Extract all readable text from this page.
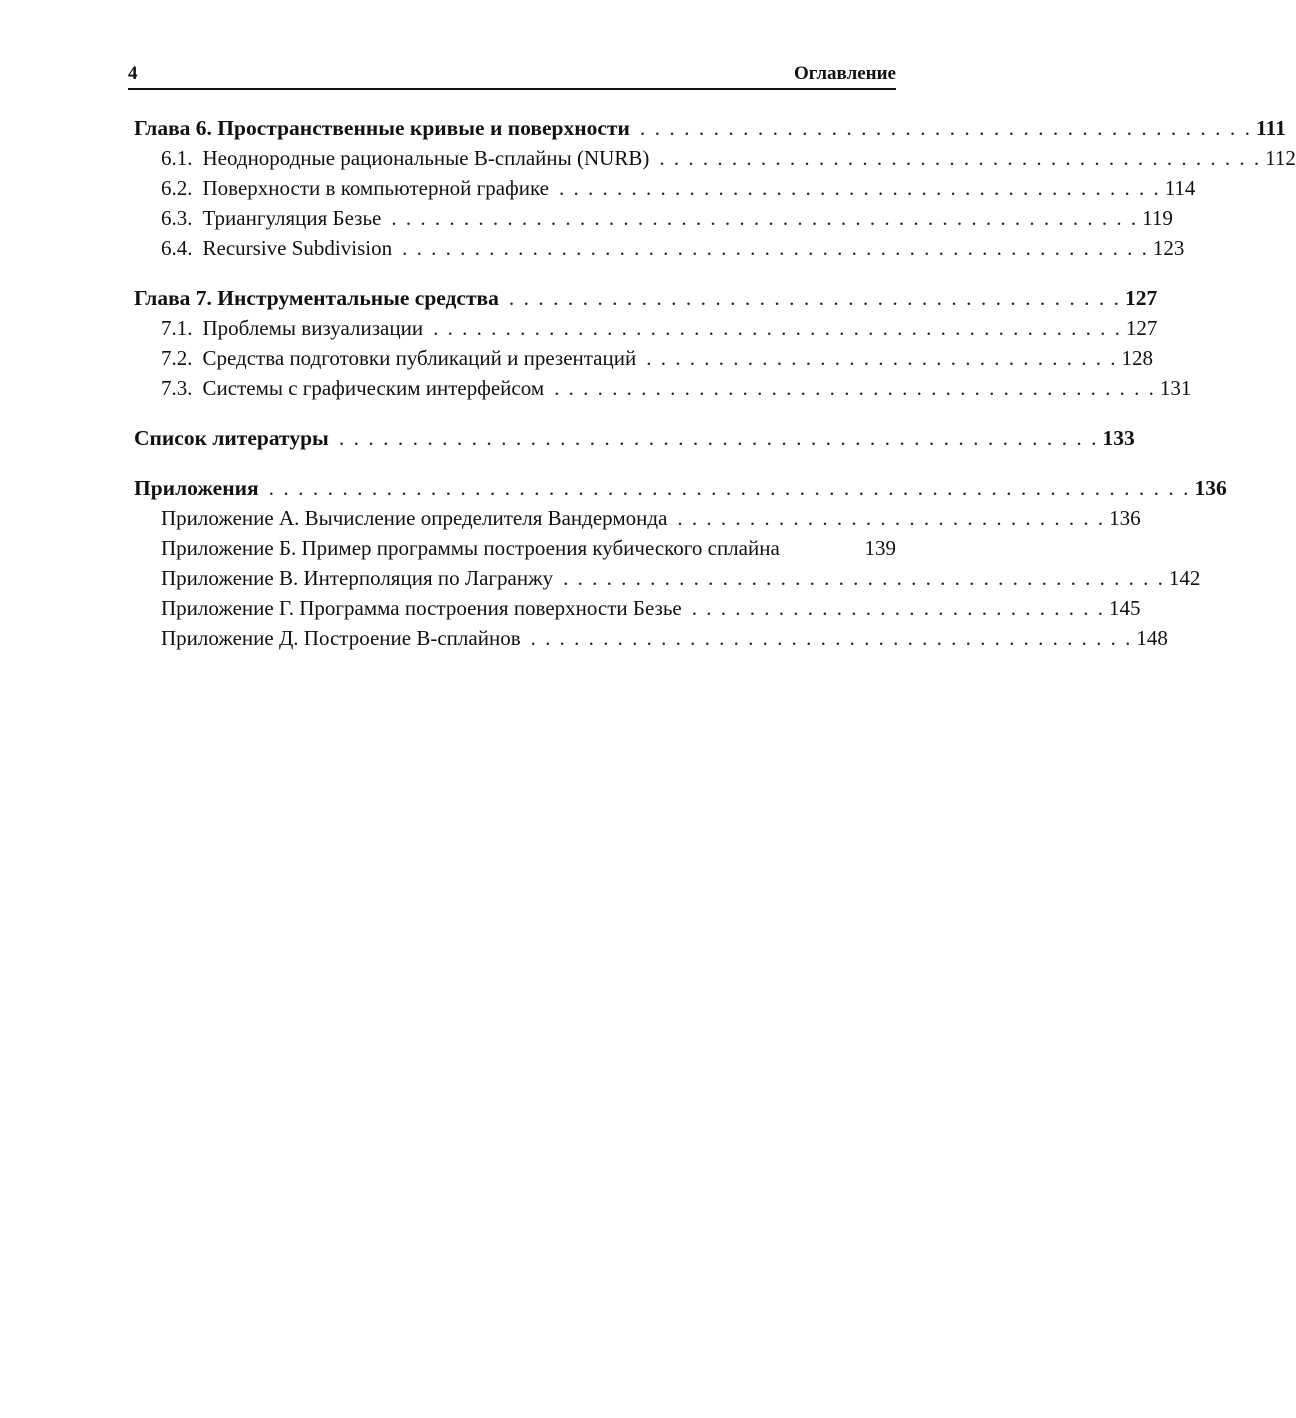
4	Оглавление
Глава 6. Пространственные кривые и поверхности . . . . . . . . . . . . . . . . . . . . . . . . . . . . . . . . . . . . . . . . . . 111
6.1. Неоднородные рациональные B-сплайны (NURB) . . . . . . . . . . . . . . . . . . . . . . . . . . . . . . . . . . . . . . . . . . 112
6.2. Поверхности в компьютерной графике . . . . . . . . . . . . . . . . . . . . . . . . . . . . . . . . . . . . . . . . . . 114
6.3. Триангуляция Безье . . . . . . . . . . . . . . . . . . . . . . . . . . . . . . . . . . . . . . . . . . . . . . . . . . . . 119
6.4. Recursive Subdivision . . . . . . . . . . . . . . . . . . . . . . . . . . . . . . . . . . . . . . . . . . . . . . . . . . . . 123
Глава 7. Инструментальные средства . . . . . . . . . . . . . . . . . . . . . . . . . . . . . . . . . . . . . . . . . . 127
7.1. Проблемы визуализации . . . . . . . . . . . . . . . . . . . . . . . . . . . . . . . . . . . . . . . . . . . . . . . . 127
7.2. Средства подготовки публикаций и презентаций . . . . . . . . . . . . . . . . . . . . . . . . . . . . . . . . . 128
7.3. Системы с графическим интерфейсом . . . . . . . . . . . . . . . . . . . . . . . . . . . . . . . . . . . . . . . . . . 131
Список литературы . . . . . . . . . . . . . . . . . . . . . . . . . . . . . . . . . . . . . . . . . . . . . . . . . . . . 133
Приложения . . . . . . . . . . . . . . . . . . . . . . . . . . . . . . . . . . . . . . . . . . . . . . . . . . . . . . . . . . . . . . . 136
Приложение А. Вычисление определителя Вандермонда . . . . . . . . . . . . . . . . . . . . . . . . . . . . . . 136
Приложение Б. Пример программы построения кубического сплайна	139
Приложение В. Интерполяция по Лагранжу . . . . . . . . . . . . . . . . . . . . . . . . . . . . . . . . . . . . . . . . . . 142
Приложение Г. Программа построения поверхности Безье . . . . . . . . . . . . . . . . . . . . . . . . . . . . . 145
Приложение Д. Построение B-сплайнов . . . . . . . . . . . . . . . . . . . . . . . . . . . . . . . . . . . . . . . . . . 148
